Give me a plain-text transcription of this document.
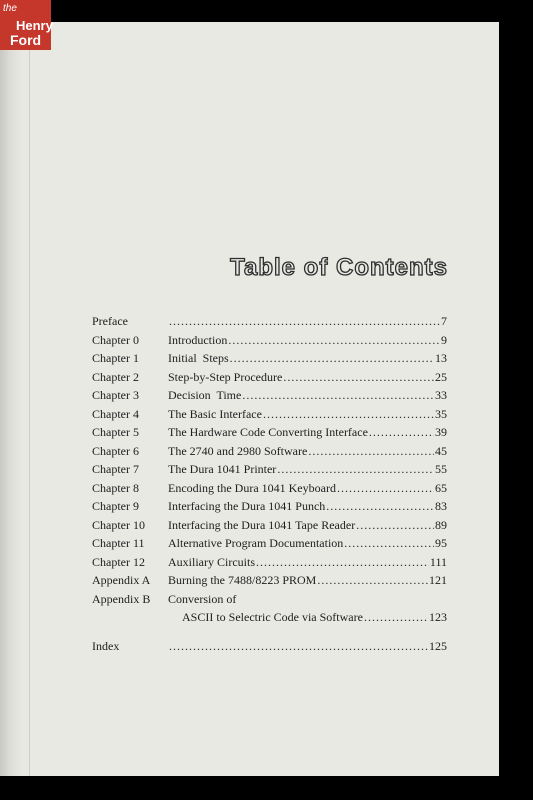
the
Henry
Ford
Table of Contents
Preface .....	7
Chapter 0 Introduction .....	9
Chapter 1 Initial  Steps .....	13
Chapter 2 Step-by-Step Procedure .....	25
Chapter 3 Decision  Time .....	33
Chapter 4 The Basic Interface .....	35
Chapter 5 The Hardware Code Converting Interface .....	39
Chapter 6 The 2740 and 2980 Software .....	45
Chapter 7 The Dura 1041 Printer .....	55
Chapter 8 Encoding the Dura 1041 Keyboard .....	65
Chapter 9 Interfacing the Dura 1041 Punch .....	83
Chapter 10 Interfacing the Dura 1041 Tape Reader .....	89
Chapter 11 Alternative Program Documentation .....	95
Chapter 12 Auxiliary Circuits .....	111
Appendix A Burning the 7488/8223 PROM .....	121
Appendix B Conversion of
ASCII to Selectric Code via Software .....	123
Index .....	125
